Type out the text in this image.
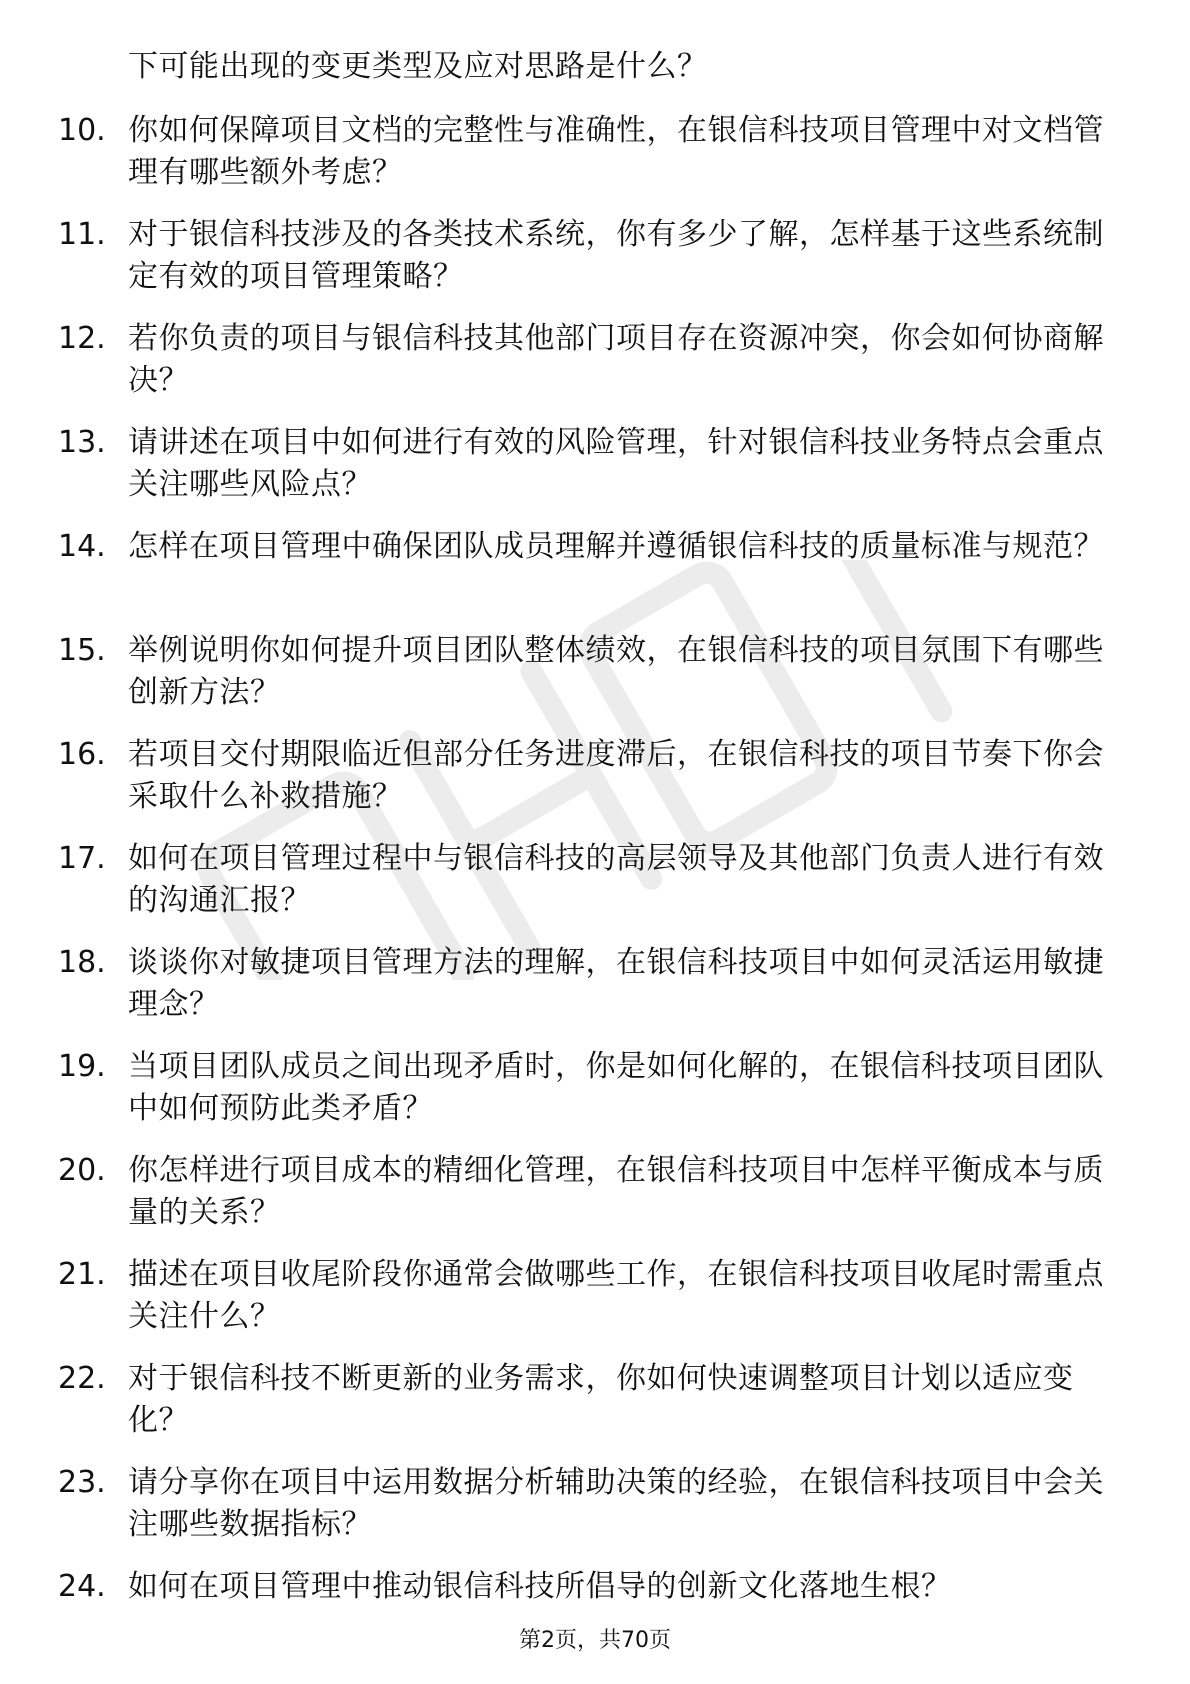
下可能出现的变更类型及应对思路是什么？
10. 你如何保障项目文档的完整性与准确性，在银信科技项目管理中对文档管理有哪些额外考虑？
11. 对于银信科技涉及的各类技术系统，你有多少了解，怎样基于这些系统制定有效的项目管理策略？
12. 若你负责的项目与银信科技其他部门项目存在资源冲突，你会如何协商解决？
13. 请讲述在项目中如何进行有效的风险管理，针对银信科技业务特点会重点关注哪些风险点？
14. 怎样在项目管理中确保团队成员理解并遵循银信科技的质量标准与规范？
15. 举例说明你如何提升项目团队整体绩效，在银信科技的项目氛围下有哪些创新方法？
16. 若项目交付期限临近但部分任务进度滞后，在银信科技的项目节奏下你会采取什么补救措施？
17. 如何在项目管理过程中与银信科技的高层领导及其他部门负责人进行有效的沟通汇报？
18. 谈谈你对敏捷项目管理方法的理解，在银信科技项目中如何灵活运用敏捷理念？
19. 当项目团队成员之间出现矛盾时，你是如何化解的，在银信科技项目团队中如何预防此类矛盾？
20. 你怎样进行项目成本的精细化管理，在银信科技项目中怎样平衡成本与质量的关系？
21. 描述在项目收尾阶段你通常会做哪些工作，在银信科技项目收尾时需重点关注什么？
22. 对于银信科技不断更新的业务需求，你如何快速调整项目计划以适应变化？
23. 请分享你在项目中运用数据分析辅助决策的经验，在银信科技项目中会关注哪些数据指标？
24. 如何在项目管理中推动银信科技所倡导的创新文化落地生根？
第2页，共70页
